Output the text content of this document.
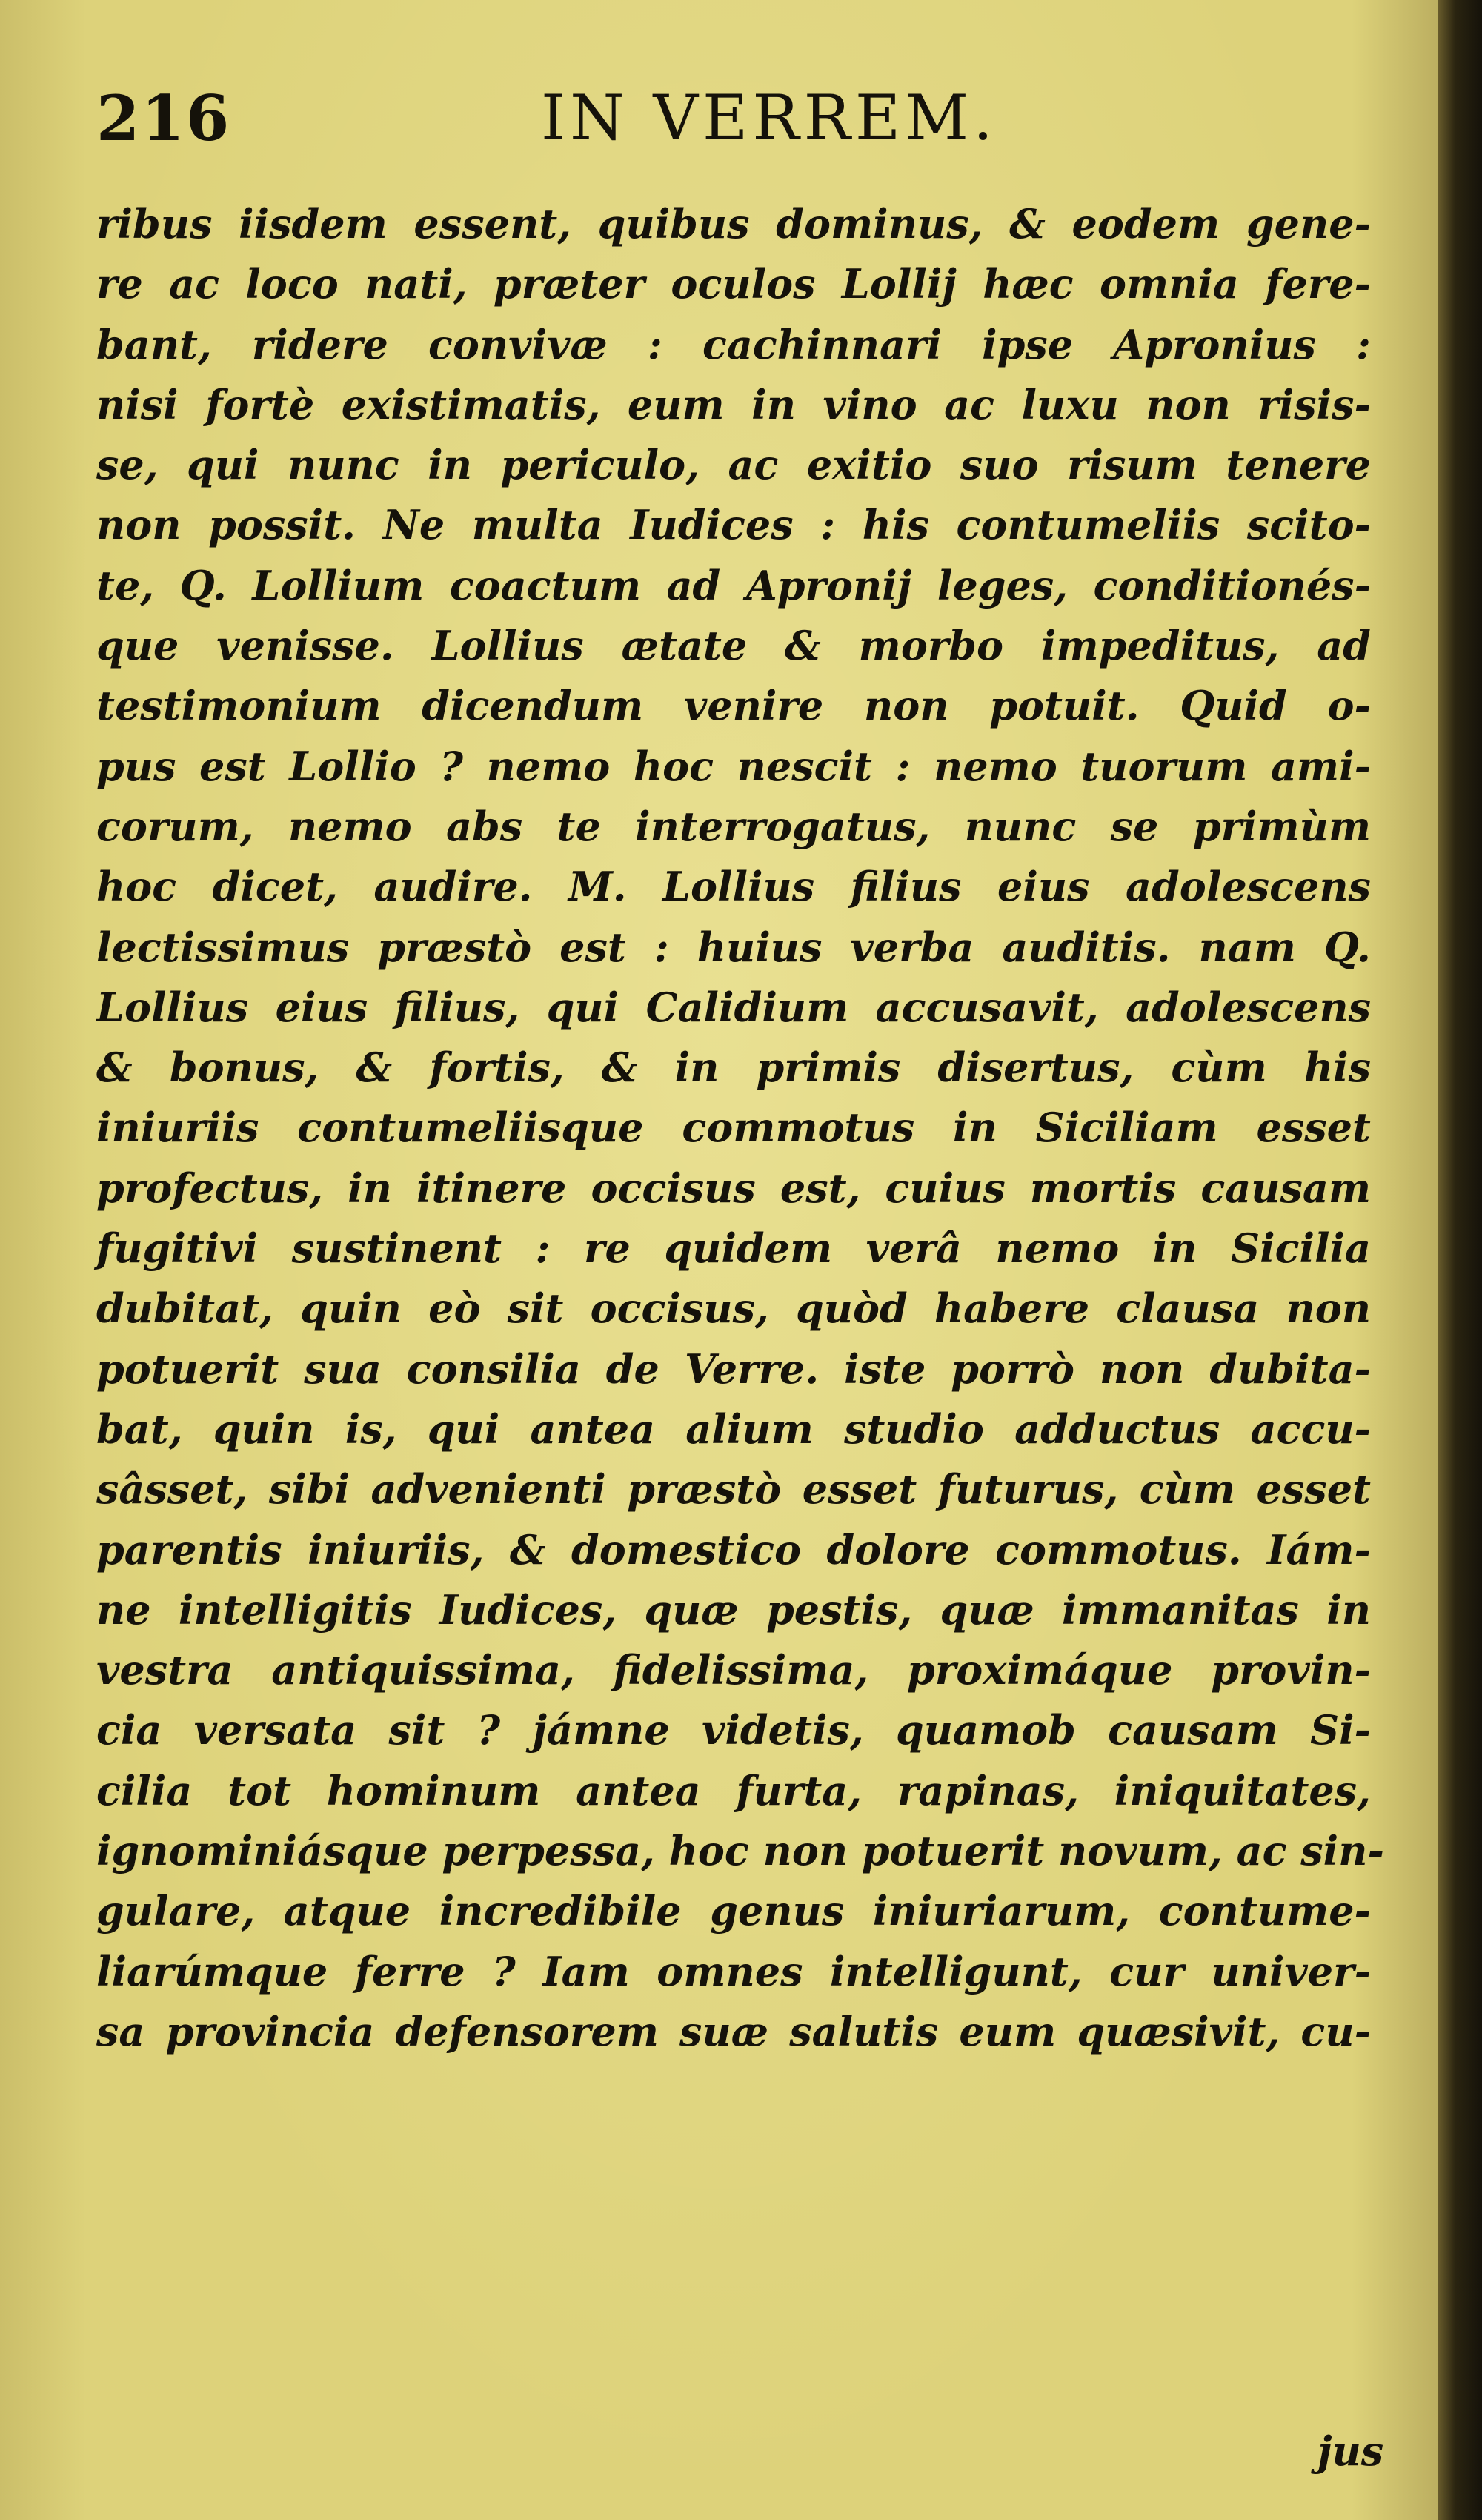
216	IN VERREM.
ribus iisdem essent, quibus dominus, & eodem gene-
re ac loco nati, præter oculos Lollij hæc omnia fere-
bant, ridere convivæ : cachinnari ipse Apronius :
nisi fortè existimatis, eum in vino ac luxu non risis-
se, qui nunc in periculo, ac exitio suo risum tenere
non possit. Ne multa Iudices : his contumeliis scito-
te, Q. Lollium coactum ad Apronij leges, conditionés-
que venisse. Lollius ætate & morbo impeditus, ad
testimonium dicendum venire non potuit. Quid o-
pus est Lollio ? nemo hoc nescit : nemo tuorum ami-
corum, nemo abs te interrogatus, nunc se primùm
hoc dicet, audire. M. Lollius filius eius adolescens
lectissimus præstò est : huius verba auditis. nam Q.
Lollius eius filius, qui Calidium accusavit, adolescens
& bonus, & fortis, & in primis disertus, cùm his
iniuriis contumeliisque commotus in Siciliam esset
profectus, in itinere occisus est, cuius mortis causam
fugitivi sustinent : re quidem verâ nemo in Sicilia
dubitat, quin eò sit occisus, quòd habere clausa non
potuerit sua consilia de Verre. iste porrò non dubita-
bat, quin is, qui antea alium studio adductus accu-
sâsset, sibi advenienti præstò esset futurus, cùm esset
parentis iniuriis, & domestico dolore commotus. Iám-
ne intelligitis Iudices, quæ pestis, quæ immanitas in
vestra antiquissima, fidelissima, proximáque provin-
cia versata sit ? jámne videtis, quamob causam Si-
cilia tot hominum antea furta, rapinas, iniquitates,
ignominiásque perpessa, hoc non potuerit novum, ac sin-
gulare, atque incredibile genus iniuriarum, contume-
liarúmque ferre ? Iam omnes intelligunt, cur univer-
sa provincia defensorem suæ salutis eum quæsivit, cu-
jus
